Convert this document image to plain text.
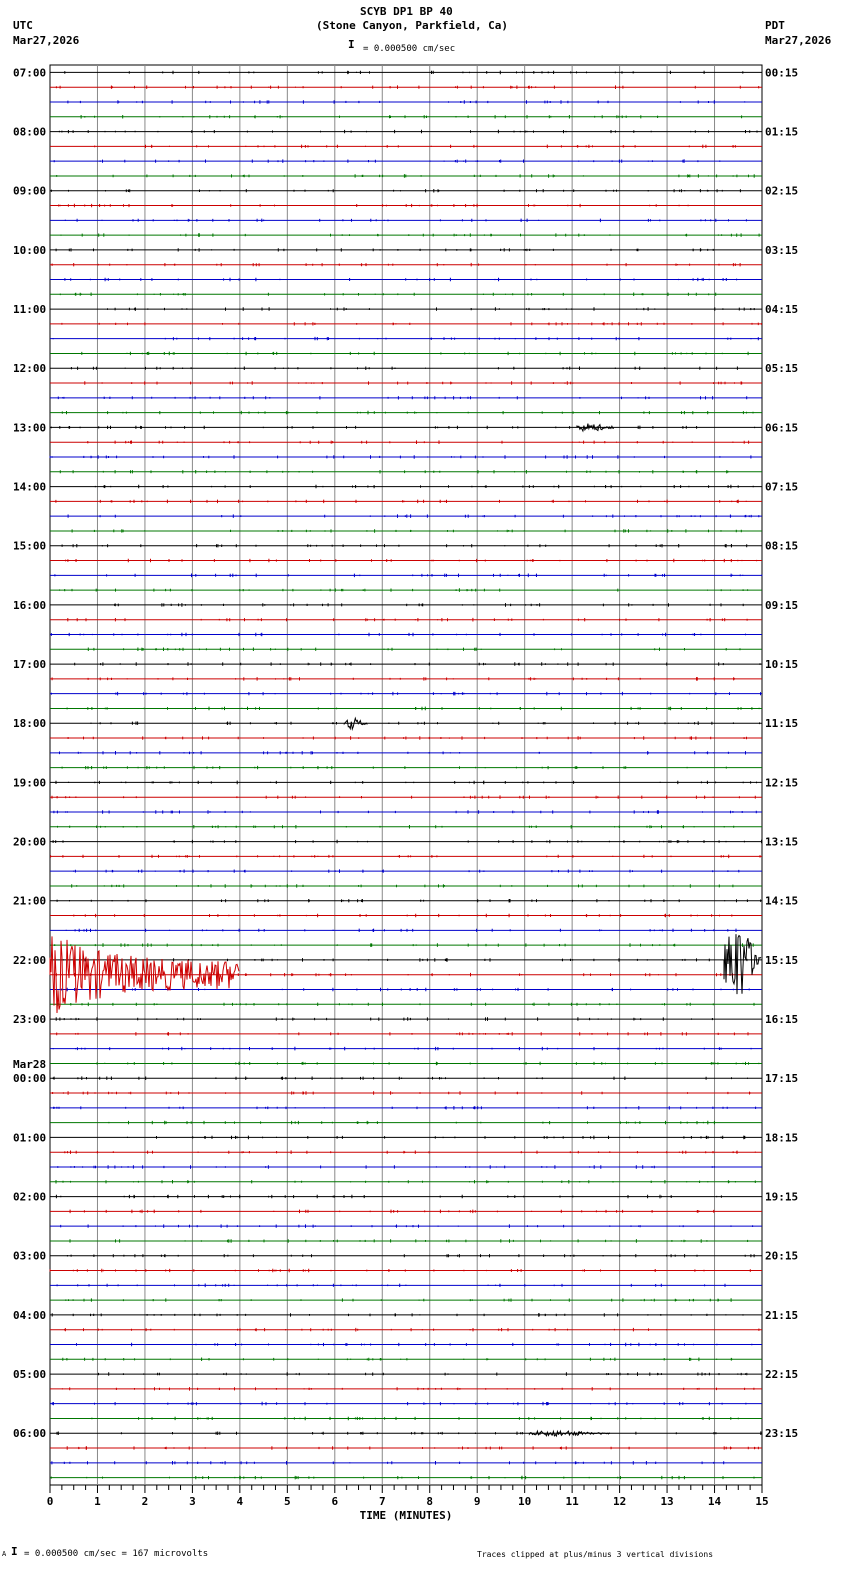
SCYB DP1 BP 40
(Stone Canyon, Parkfield, Ca)
I = 0.000500 cm/sec
UTC
Mar27,2026
PDT
Mar27,2026
07:00
08:00
09:00
10:00
11:00
12:00
13:00
14:00
15:00
16:00
17:00
18:00
19:00
20:00
21:00
22:00
23:00
Mar28
00:00
01:00
02:00
03:00
04:00
05:00
06:00
00:15
01:15
02:15
03:15
04:15
05:15
06:15
07:15
08:15
09:15
10:15
11:15
12:15
13:15
14:15
15:15
16:15
17:15
18:15
19:15
20:15
21:15
22:15
23:15
0	1	2	3	4	5	6	7	8	9	10	11	12	13	14	15
TIME (MINUTES)
A I = 0.000500 cm/sec = 167 microvolts	Traces clipped at plus/minus 3 vertical divisions
